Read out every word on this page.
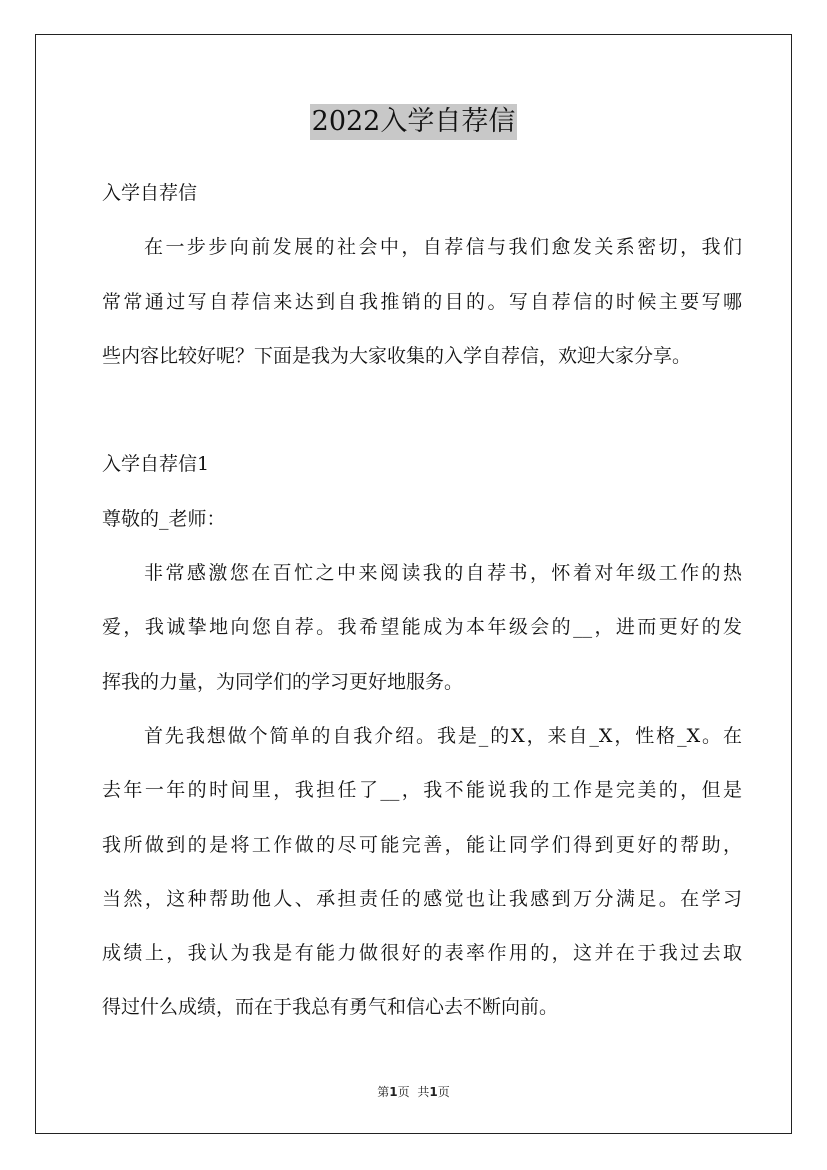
2022入学自荐信
入学自荐信
在一步步向前发展的社会中，自荐信与我们愈发关系密切，我们
常常通过写自荐信来达到自我推销的目的。写自荐信的时候主要写哪
些内容比较好呢？下面是我为大家收集的入学自荐信，欢迎大家分享。
入学自荐信1
尊敬的_老师：
非常感激您在百忙之中来阅读我的自荐书，怀着对年级工作的热
爱，我诚挚地向您自荐。我希望能成为本年级会的__，进而更好的发
挥我的力量，为同学们的学习更好地服务。
首先我想做个简单的自我介绍。我是_的X，来自_X，性格_X。在
去年一年的时间里，我担任了__，我不能说我的工作是完美的，但是
我所做到的是将工作做的尽可能完善，能让同学们得到更好的帮助，
当然，这种帮助他人、承担责任的感觉也让我感到万分满足。在学习
成绩上，我认为我是有能力做很好的表率作用的，这并在于我过去取
得过什么成绩，而在于我总有勇气和信心去不断向前。
第1页 共1页
